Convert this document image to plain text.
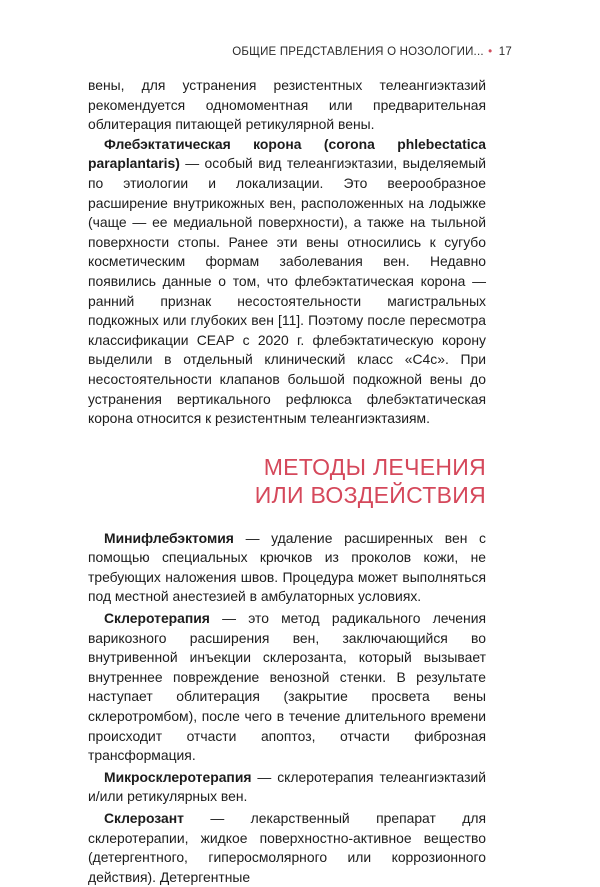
ОБЩИЕ ПРЕДСТАВЛЕНИЯ О НОЗОЛОГИИ... • 17

вены, для устранения резистентных телеангиэктазий рекомендуется одномоментная или предварительная облитерация питающей ретикулярной вены.

Флебэктатическая корона (corona phlebectatica paraplantaris) — особый вид телеангиэктазии, выделяемый по этиологии и локализации. Это веерообразное расширение внутрикожных вен, расположенных на лодыжке (чаще — ее медиальной поверхности), а также на тыльной поверхности стопы. Ранее эти вены относились к сугубо косметическим формам заболевания вен. Недавно появились данные о том, что флебэктатическая корона — ранний признак несостоятельности магистральных подкожных или глубоких вен [11]. Поэтому после пересмотра классификации CEAP с 2020 г. флебэктатическую корону выделили в отдельный клинический класс «C4c». При несостоятельности клапанов большой подкожной вены до устранения вертикального рефлюкса флебэктатическая корона относится к резистентным телеангиэктазиям.

МЕТОДЫ ЛЕЧЕНИЯ
ИЛИ ВОЗДЕЙСТВИЯ

Минифлебэктомия — удаление расширенных вен с помощью специальных крючков из проколов кожи, не требующих наложения швов. Процедура может выполняться под местной анестезией в амбулаторных условиях.

Склеротерапия — это метод радикального лечения варикозного расширения вен, заключающийся во внутривенной инъекции склерозанта, который вызывает внутреннее повреждение венозной стенки. В результате наступает облитерация (закрытие просвета вены склеротромбом), после чего в течение длительного времени происходит отчасти апоптоз, отчасти фиброзная трансформация.

Микросклеротерапия — склеротерапия телеангиэктазий и/или ретикулярных вен.

Склерозант — лекарственный препарат для склеротерапии, жидкое поверхностно-активное вещество (детергентного, гиперосмолярного или коррозионного действия). Детергентные
